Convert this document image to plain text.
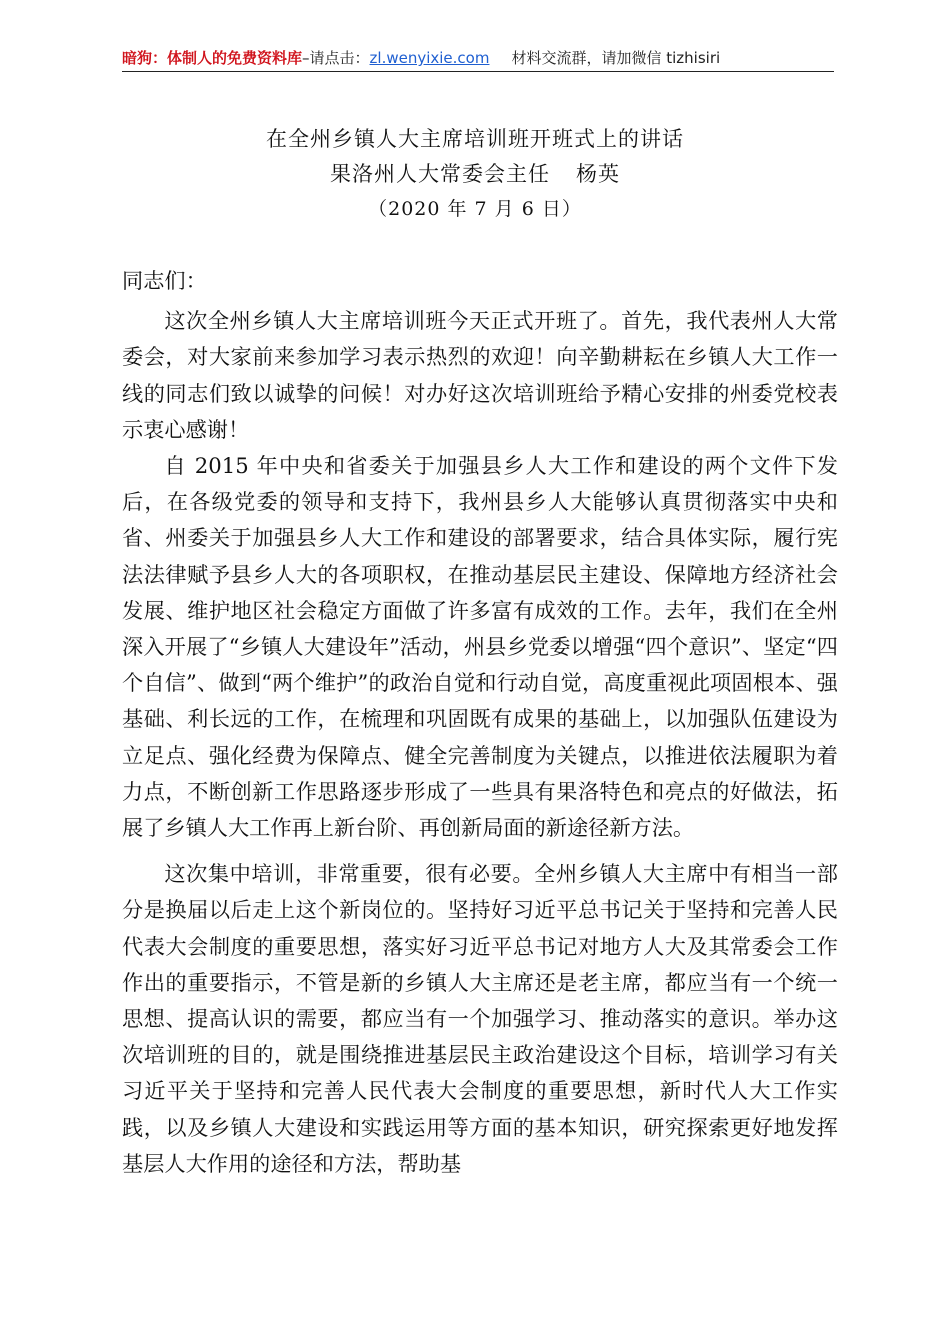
暗狗：体制人的免费资料库 –请点击： zl.wenyixie.com 材料交流群，请加微信 tizhisiri
在全州乡镇人大主席培训班开班式上的讲话
果洛州人大常委会主任 杨英
（2020 年 7 月 6 日）

同志们：

这次全州乡镇人大主席培训班今天正式开班了。首先，我代表州人大常委会，对大家前来参加学习表示热烈的欢迎！向辛勤耕耘在乡镇人大工作一线的同志们致以诚挚的问候！对办好这次培训班给予精心安排的州委党校表示衷心感谢！

自 2015 年中央和省委关于加强县乡人大工作和建设的两个文件下发后，在各级党委的领导和支持下，我州县乡人大能够认真贯彻落实中央和省、州委关于加强县乡人大工作和建设的部署要求，结合具体实际，履行宪法法律赋予县乡人大的各项职权，在推动基层民主建设、保障地方经济社会发展、维护地区社会稳定方面做了许多富有成效的工作。去年，我们在全州深入开展了“乡镇人大建设年”活动，州县乡党委以增强“四个意识”、坚定“四个自信”、做到“两个维护”的政治自觉和行动自觉，高度重视此项固根本、强基础、利长远的工作，在梳理和巩固既有成果的基础上，以加强队伍建设为立足点、强化经费为保障点、健全完善制度为关键点，以推进依法履职为着力点，不断创新工作思路逐步形成了一些具有果洛特色和亮点的好做法，拓展了乡镇人大工作再上新台阶、再创新局面的新途径新方法。

这次集中培训，非常重要，很有必要。全州乡镇人大主席中有相当一部分是换届以后走上这个新岗位的。坚持好习近平总书记关于坚持和完善人民代表大会制度的重要思想，落实好习近平总书记对地方人大及其常委会工作作出的重要指示，不管是新的乡镇人大主席还是老主席，都应当有一个统一思想、提高认识的需要，都应当有一个加强学习、推动落实的意识。举办这次培训班的目的，就是围绕推进基层民主政治建设这个目标，培训学习有关习近平关于坚持和完善人民代表大会制度的重要思想，新时代人大工作实践，以及乡镇人大建设和实践运用等方面的基本知识，研究探索更好地发挥基层人大作用的途径和方法，帮助基
